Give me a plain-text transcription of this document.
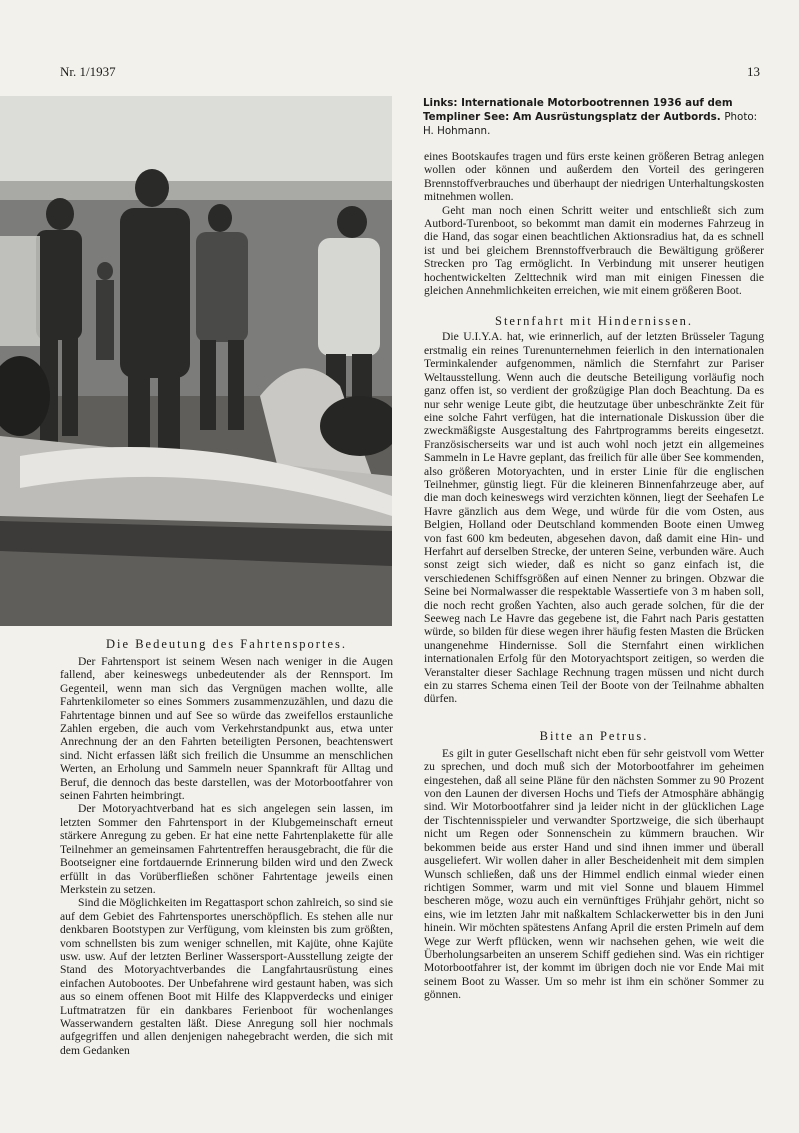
Nr. 1/1937	13
Links: Internationale Motorbootrennen 1936 auf dem Templiner See: Am Ausrüstungsplatz der Autbords. Photo: H. Hohmann.
Die Bedeutung des Fahrtensportes.

Der Fahrtensport ist seinem Wesen nach weniger in die Augen fallend, aber keineswegs unbedeutender als der Rennsport. Im Gegenteil, wenn man sich das Vergnügen machen wollte, alle Fahrtenkilometer so eines Sommers zusammenzuzählen, und dazu die Fahrtentage binnen und auf See so würde das zweifellos erstaunliche Zahlen ergeben, die auch vom Verkehrstandpunkt aus, etwa unter Anrechnung der an den Fahrten beteiligten Personen, beachtenswert sind. Nicht erfassen läßt sich freilich die Unsumme an menschlichen Werten, an Erholung und Sammeln neuer Spannkraft für Alltag und Beruf, die dennoch das beste darstellen, was der Motorbootfahrer von seinen Fahrten heimbringt.

Der Motoryachtverband hat es sich angelegen sein lassen, im letzten Sommer den Fahrtensport in der Klubgemeinschaft erneut stärkere Anregung zu geben. Er hat eine nette Fahrtenplakette für alle Teilnehmer an gemeinsamen Fahrtentreffen herausgebracht, die für die Bootseigner eine fortdauernde Erinnerung bilden wird und den Zweck erfüllt in das Vorüberfließen schöner Fahrtentage jeweils einen Merkstein zu setzen.

Sind die Möglichkeiten im Regattasport schon zahlreich, so sind sie auf dem Gebiet des Fahrtensportes unerschöpflich. Es stehen alle nur denkbaren Bootstypen zur Verfügung, vom kleinsten bis zum größten, vom schnellsten bis zum weniger schnellen, mit Kajüte, ohne Kajüte usw. usw. Auf der letzten Berliner Wassersport-Ausstellung zeigte der Stand des Motoryachtverbandes die Langfahrtausrüstung eines einfachen Autobootes. Der Unbefahrene wird gestaunt haben, was sich aus so einem offenen Boot mit Hilfe des Klappverdecks und einiger Luftmatratzen für ein dankbares Ferienboot für wochenlanges Wasserwandern gestalten läßt. Diese Anregung soll hier nochmals aufgegriffen und allen denjenigen nahegebracht werden, die sich mit dem Gedanken

eines Bootskaufes tragen und fürs erste keinen größeren Betrag anlegen wollen oder können und außerdem den Vorteil des geringeren Brennstoffverbrauches und überhaupt der niedrigen Unterhaltungskosten mitnehmen wollen.

Geht man noch einen Schritt weiter und entschließt sich zum Autbord-Turenboot, so bekommt man damit ein modernes Fahrzeug in die Hand, das sogar einen beachtlichen Aktionsradius hat, da es schnell ist und bei gleichem Brennstoffverbrauch die Bewältigung größerer Strecken pro Tag ermöglicht. In Verbindung mit unserer heutigen hochentwickelten Zelttechnik wird man mit einigen Finessen die gleichen Annehmlichkeiten erreichen, wie mit einem größeren Boot.

Sternfahrt mit Hindernissen.

Die U.I.Y.A. hat, wie erinnerlich, auf der letzten Brüsseler Tagung erstmalig ein reines Turenunternehmen feierlich in den internationalen Terminkalender aufgenommen, nämlich die Sternfahrt zur Pariser Weltausstellung. Wenn auch die deutsche Beteiligung vorläufig noch ganz offen ist, so verdient der großzügige Plan doch Beachtung. Da es nur sehr wenige Leute gibt, die heutzutage über unbeschränkte Zeit für eine solche Fahrt verfügen, hat die internationale Diskussion über die zweckmäßigste Ausgestaltung des Fahrtprogramms bereits eingesetzt. Französischerseits war und ist auch wohl noch jetzt ein allgemeines Sammeln in Le Havre geplant, das freilich für alle über See kommenden, also größeren Motoryachten, und in erster Linie für die englischen Teilnehmer, günstig liegt. Für die kleineren Binnenfahrzeuge aber, auf die man doch keineswegs wird verzichten können, liegt der Seehafen Le Havre gänzlich aus dem Wege, und würde für die vom Osten, aus Belgien, Holland oder Deutschland kommenden Boote einen Umweg von fast 600 km bedeuten, abgesehen davon, daß damit eine Hin- und Herfahrt auf derselben Strecke, der unteren Seine, verbunden wäre. Auch sonst zeigt sich wieder, daß es nicht so ganz einfach ist, die verschiedenen Schiffsgrößen auf einen Nenner zu bringen. Obzwar die Seine bei Normalwasser die respektable Wassertiefe von 3 m haben soll, die noch recht großen Yachten, also auch gerade solchen, für die der Seeweg nach Le Havre das gegebene ist, die Fahrt nach Paris gestatten würde, so bilden für diese wegen ihrer häufig festen Masten die Brücken unangenehme Hindernisse. Soll die Sternfahrt einen wirklichen internationalen Erfolg für den Motoryachtsport zeitigen, so werden die Veranstalter dieser Sachlage Rechnung tragen müssen und nicht durch ein zu starres Schema einen Teil der Boote von der Teilnahme abhalten dürfen.

Bitte an Petrus.

Es gilt in guter Gesellschaft nicht eben für sehr geistvoll vom Wetter zu sprechen, und doch muß sich der Motorbootfahrer im geheimen eingestehen, daß all seine Pläne für den nächsten Sommer zu 90 Prozent von den Launen der diversen Hochs und Tiefs der Atmosphäre abhängig sind. Wir Motorbootfahrer sind ja leider nicht in der glücklichen Lage der Tischtennisspieler und verwandter Sportzweige, die sich überhaupt nicht um Regen oder Sonnenschein zu kümmern brauchen. Wir bekommen beide aus erster Hand und sind ihnen immer und überall ausgeliefert. Wir wollen daher in aller Bescheidenheit mit dem simplen Wunsch schließen, daß uns der Himmel endlich einmal wieder einen richtigen Sommer, warm und mit viel Sonne und blauem Himmel bescheren möge, wozu auch ein vernünftiges Frühjahr gehört, nicht so eins, wie im letzten Jahr mit naßkaltem Schlackerwetter bis in den Juni hinein. Wir möchten spätestens Anfang April die ersten Primeln auf dem Wege zur Werft pflücken, wenn wir nachsehen gehen, wie weit die Überholungsarbeiten an unserem Schiff gediehen sind. Was ein richtiger Motorbootfahrer ist, der kommt im übrigen doch nie vor Ende Mai mit seinem Boot zu Wasser. Um so mehr ist ihm ein schöner Sommer zu gönnen.
